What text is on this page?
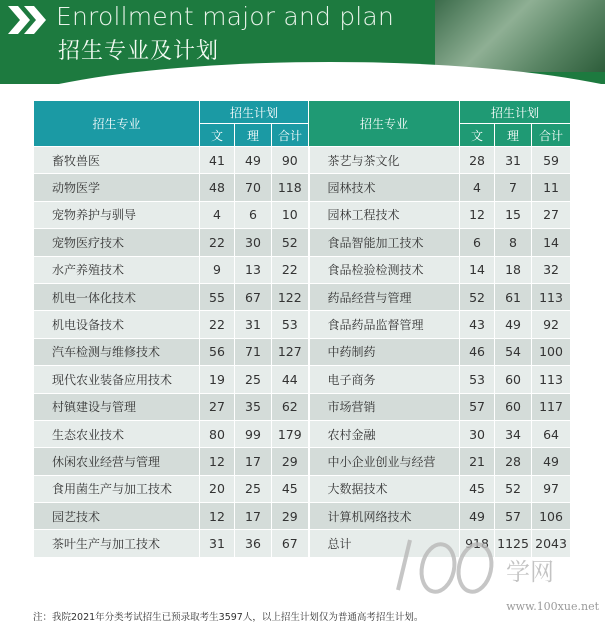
Enrollment major and plan
招生专业及计划
招生专业	招生计划			招生专业	招生计划		
	文	理	合计		文	理	合计
畜牧兽医	41	49	90	茶艺与茶文化	28	31	59
动物医学	48	70	118	园林技术	4	7	11
宠物养护与驯导	4	6	10	园林工程技术	12	15	27
宠物医疗技术	22	30	52	食品智能加工技术	6	8	14
水产养殖技术	9	13	22	食品检验检测技术	14	18	32
机电一体化技术	55	67	122	药品经营与管理	52	61	113
机电设备技术	22	31	53	食品药品监督管理	43	49	92
汽车检测与维修技术	56	71	127	中药制药	46	54	100
现代农业装备应用技术	19	25	44	电子商务	53	60	113
村镇建设与管理	27	35	62	市场营销	57	60	117
生态农业技术	80	99	179	农村金融	30	34	64
休闲农业经营与管理	12	17	29	中小企业创业与经营	21	28	49
食用菌生产与加工技术	20	25	45	大数据技术	45	52	97
园艺技术	12	17	29	计算机网络技术	49	57	106
茶叶生产与加工技术	31	36	67	总计	918	1125	2043
注：我院2021年分类考试招生已预录取考生3597人，以上招生计划仅为普通高考招生计划。
学网
www.100xue.net
